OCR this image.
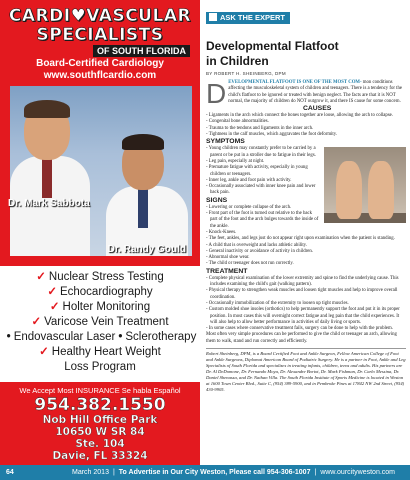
CARDI♥VASCULAR
SPECIALISTS
OF SOUTH FLORIDA
Board-Certified Cardiology
www.southflcardio.com
Dr. Mark Sabbota
Dr. Randy Gould
✓ Nuclear Stress Testing
✓ Echocardiography
✓ Holter Monitoring
✓ Varicose Vein Treatment
• Endovascular Laser • Sclerotherapy
✓ Healthy Heart Weight
Loss Program
We Accept Most INSURANCE Se habla Español
954.382.1550
Nob Hill Office Park
10650 W SR 84
Ste. 104
Davie, FL 33324
ASK THE EXPERT
Developmental Flatfoot
in Children
BY ROBERT H. SHEINBERG, DPM

DEVELOPMENTAL FLATFOOT IS ONE OF THE MOST COM- mon conditions affecting the musculoskeletal system of children and teenagers. There is a tendency for the child's flatfoot to be ignored or treated with benign neglect. The facts are that it is NOT normal, the majority of children do NOT outgrow it, and there IS cause for some concern.

CAUSES
- Ligaments in the arch which connect the bones together are loose, allowing the arch to collapse.
- Congenital bone abnormalities.
- Trauma to the tendons and ligaments in the inner arch.
- Tightness in the calf muscles, which aggravates the foot deformity.
SYMPTOMS
- Young children may constantly prefer to be carried by a parent or be put in a stroller due to fatigue in their legs.
- Leg pain, especially at night.
- Premature fatigue with activity, especially in young children or teenagers.
- Inner leg, ankle and foot pain with activity.
- Occasionally associated with inner knee pain and lower back pain.
SIGNS
- Lowering or complete collapse of the arch.
- Front part of the foot is turned out relative to the back part of the foot and the arch bulges towards the inside of the ankle.
- Knock-Knees.
- The feet, ankles, and legs just do not appear right upon examination when the patient is standing.
- A child that is overweight and lacks athletic ability.
- General inactivity or avoidance of activity in children.
- Abnormal shoe wear.
- The child or teenager does not run correctly.
TREATMENT
- Complete physical examination of the lower extremity and spine to find the underlying cause. This includes examining the child's gait (walking pattern).
- Physical therapy to strengthen weak muscles and loosen tight muscles and help to improve overall coordination.
- Occasionally immobilization of the extremity to loosen up tight muscles.
- Custom molded shoe insoles (orthotics) to help permanently support the foot and put it in its proper position. In most cases this will overnight correct fatigue and leg pain that the child experiences. It will also help to allow better performance in activities of daily living or sports.
- In some cases where conservative treatment fails, surgery can be done to help with the problem.

Most often very simple procedures can be performed to give the child or teenager an arch, allowing them to walk, stand and run correctly and efficiently.

Robert Sheinberg, DPM, is a Board Certified Foot and Ankle Surgeon, Fellow American College of Foot and Ankle Surgeons, Diplomat American Board of Podiatric Surgery. He is a partner in Foot, Ankle and Leg Specialists of South Florida and specializes in treating infants, children, teens and adults. His partners are Dr. Al DeDomone, Dr. Fernando Moya, Dr. Alexandre Bortot, Dr. Mark Fishman, Dr. Carlo Messina, Dr. Daniel Shenassa, and Dr. Nathan Villa. The South Florida Institute of Sports Medicine is located in Weston at 1600 Town Center Blvd., Suite C, (954) 389-5900, and in Pembroke Pines at 17842 NW 2nd Street, (954) 430-9905.

64	March 2013 | To Advertise in Our City Weston, Please call 954-306-1007 | www.ourcityweston.com
